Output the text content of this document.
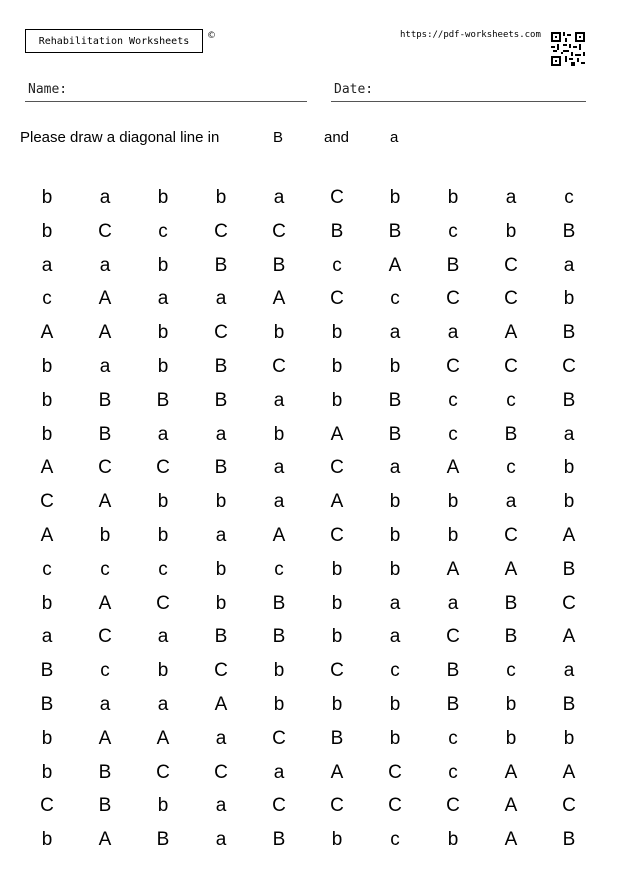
Rehabilitation Worksheets ©	https://pdf-worksheets.com
Name:	Date:
Please draw a diagonal line in	B	and	a
b	a	b	b	a	C	b	b	a	c
b	C	c	C	C	B	B	c	b	B
a	a	b	B	B	c	A	B	C	a
c	A	a	a	A	C	c	C	C	b
A	A	b	C	b	b	a	a	A	B
b	a	b	B	C	b	b	C	C	C
b	B	B	B	a	b	B	c	c	B
b	B	a	a	b	A	B	c	B	a
A	C	C	B	a	C	a	A	c	b
C	A	b	b	a	A	b	b	a	b
A	b	b	a	A	C	b	b	C	A
c	c	c	b	c	b	b	A	A	B
b	A	C	b	B	b	a	a	B	C
a	C	a	B	B	b	a	C	B	A
B	c	b	C	b	C	c	B	c	a
B	a	a	A	b	b	b	B	b	B
b	A	A	a	C	B	b	c	b	b
b	B	C	C	a	A	C	c	A	A
C	B	b	a	C	C	C	C	A	C
b	A	B	a	B	b	c	b	A	B
